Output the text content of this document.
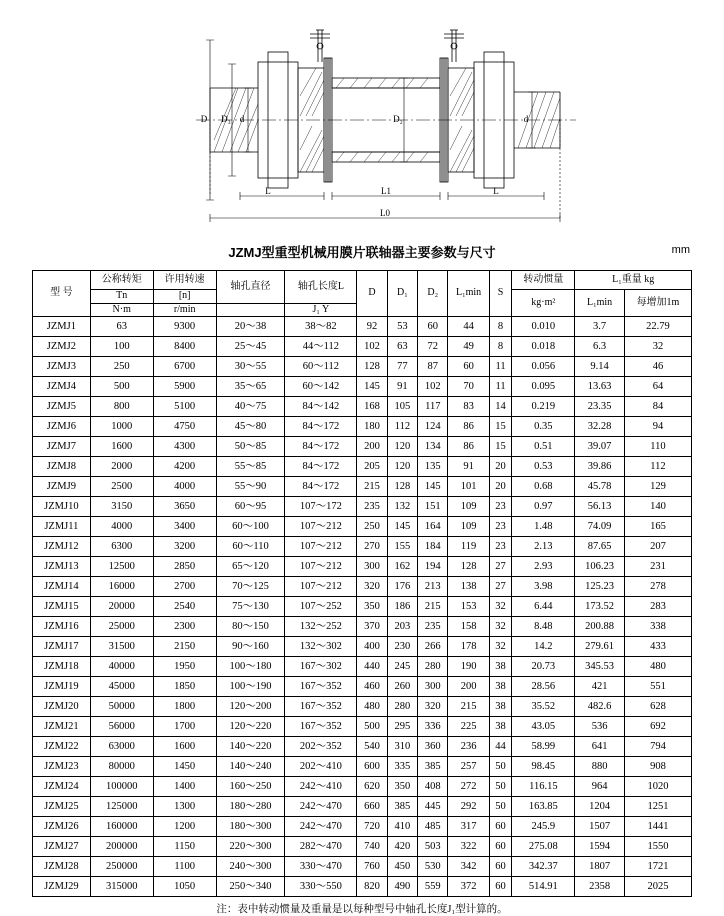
D D₃ d	D₂	d
L	L1	L
L0
JZMJ型重型机械用膜片联轴器主要参数与尺寸	mm
型 号	公称转矩	许用转速	轴孔直径	轴孔长度L	D	D₁	D₂	L₁min	S	转动惯量	L₁重量 kg	
	Tn	[n]								kg·m²	L₁min	每增加1m
	N·m	r/min		J₁ Y								
JZMJ1	63	9300	20～38	38～82	92	53	60	44	8	0.010	3.7	22.79
JZMJ2	100	8400	25～45	44～112	102	63	72	49	8	0.018	6.3	32
JZMJ3	250	6700	30～55	60～112	128	77	87	60	11	0.056	9.14	46
JZMJ4	500	5900	35～65	60～142	145	91	102	70	11	0.095	13.63	64
JZMJ5	800	5100	40～75	84～142	168	105	117	83	14	0.219	23.35	84
JZMJ6	1000	4750	45～80	84～172	180	112	124	86	15	0.35	32.28	94
JZMJ7	1600	4300	50～85	84～172	200	120	134	86	15	0.51	39.07	110
JZMJ8	2000	4200	55～85	84～172	205	120	135	91	20	0.53	39.86	112
JZMJ9	2500	4000	55～90	84～172	215	128	145	101	20	0.68	45.78	129
JZMJ10	3150	3650	60～95	107～172	235	132	151	109	23	0.97	56.13	140
JZMJ11	4000	3400	60～100	107～212	250	145	164	109	23	1.48	74.09	165
JZMJ12	6300	3200	60～110	107～212	270	155	184	119	23	2.13	87.65	207
JZMJ13	12500	2850	65～120	107～212	300	162	194	128	27	2.93	106.23	231
JZMJ14	16000	2700	70～125	107～212	320	176	213	138	27	3.98	125.23	278
JZMJ15	20000	2540	75～130	107～252	350	186	215	153	32	6.44	173.52	283
JZMJ16	25000	2300	80～150	132～252	370	203	235	158	32	8.48	200.88	338
JZMJ17	31500	2150	90～160	132～302	400	230	266	178	32	14.2	279.61	433
JZMJ18	40000	1950	100～180	167～302	440	245	280	190	38	20.73	345.53	480
JZMJ19	45000	1850	100～190	167～352	460	260	300	200	38	28.56	421	551
JZMJ20	50000	1800	120～200	167～352	480	280	320	215	38	35.52	482.6	628
JZMJ21	56000	1700	120～220	167～352	500	295	336	225	38	43.05	536	692
JZMJ22	63000	1600	140～220	202～352	540	310	360	236	44	58.99	641	794
JZMJ23	80000	1450	140～240	202～410	600	335	385	257	50	98.45	880	908
JZMJ24	100000	1400	160～250	242～410	620	350	408	272	50	116.15	964	1020
JZMJ25	125000	1300	180～280	242～470	660	385	445	292	50	163.85	1204	1251
JZMJ26	160000	1200	180～300	242～470	720	410	485	317	60	245.9	1507	1441
JZMJ27	200000	1150	220～300	282～470	740	420	503	322	60	275.08	1594	1550
JZMJ28	250000	1100	240～300	330～470	760	450	530	342	60	342.37	1807	1721
JZMJ29	315000	1050	250～340	330～550	820	490	559	372	60	514.91	2358	2025
注：表中转动惯量及重量是以每种型号中轴孔长度J₁型计算的。
